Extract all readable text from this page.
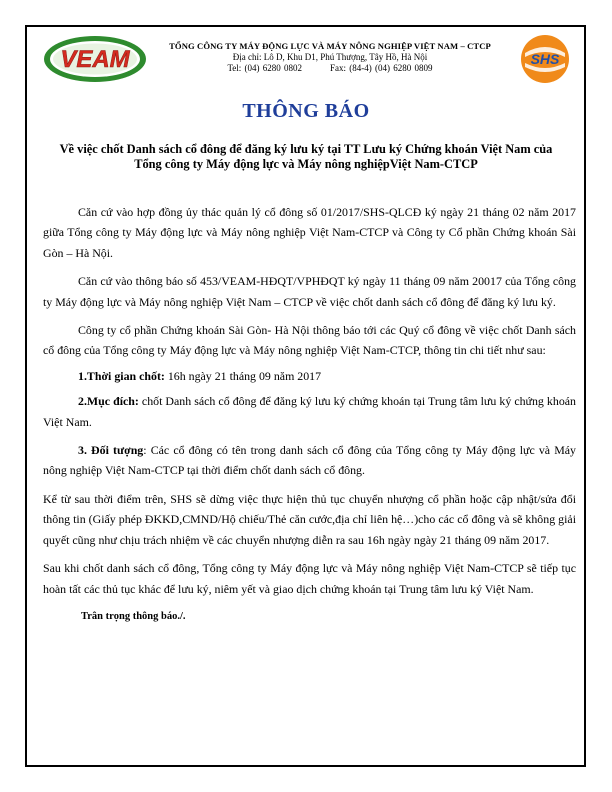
VEAM	SHS
TỔNG CÔNG TY MÁY ĐỘNG LỰC VÀ MÁY NÔNG NGHIỆP VIỆT NAM – CTCP
Địa chỉ: Lô D, Khu D1, Phú Thượng, Tây Hồ, Hà Nội
Tel: (04) 6280 0802	Fax: (84-4) (04) 6280 0809
THÔNG BÁO
Về việc chốt Danh sách cổ đông để đăng ký lưu ký tại TT Lưu ký Chứng khoán Việt Nam của
Tổng công ty Máy động lực và Máy nông nghiệpViệt Nam-CTCP

Căn cứ vào hợp đồng ủy thác quản lý cổ đông số 01/2017/SHS-QLCĐ ký ngày 21 tháng 02 năm 2017 giữa Tổng công ty Máy động lực và Máy nông nghiệp Việt Nam-CTCP và Công ty Cổ phần Chứng khoán Sài Gòn – Hà Nội.

Căn cứ vào thông báo số 453/VEAM-HĐQT/VPHĐQT ký ngày 11 tháng 09 năm 20017 của Tổng công ty Máy động lực và Máy nông nghiệp Việt Nam – CTCP về việc chốt danh sách cổ đông để đăng ký lưu ký.

Công ty cổ phần Chứng khoán Sài Gòn- Hà Nội thông báo tới các Quý cổ đông về việc chốt Danh sách cổ đông của Tổng công ty Máy động lực và Máy nông nghiệp Việt Nam-CTCP, thông tin chi tiết như sau:

1.Thời gian chốt: 16h ngày 21 tháng 09 năm 2017

2.Mục đích: chốt Danh sách cổ đông để đăng ký lưu ký chứng khoán tại Trung tâm lưu ký chứng khoán Việt Nam.

3. Đối tượng: Các cổ đông có tên trong danh sách cổ đông của Tổng công ty Máy động lực và Máy nông nghiệp Việt Nam-CTCP tại thời điểm chốt danh sách cổ đông.

Kể từ sau thời điểm trên, SHS sẽ dừng việc thực hiện thủ tục chuyển nhượng cổ phần hoặc cập nhật/sửa đổi thông tin (Giấy phép ĐKKD,CMND/Hộ chiếu/Thẻ căn cước,địa chỉ liên hệ…)cho các cổ đông và sẽ không giải quyết cũng như chịu trách nhiệm về các chuyển nhượng diễn ra sau 16h ngày ngày 21 tháng 09 năm 2017.

Sau khi chốt danh sách cổ đông, Tổng công ty Máy động lực và Máy nông nghiệp Việt Nam-CTCP sẽ tiếp tục hoàn tất các thủ tục khác để lưu ký, niêm yết và giao dịch chứng khoán tại Trung tâm lưu ký Việt Nam.

Trân trọng thông báo./.
